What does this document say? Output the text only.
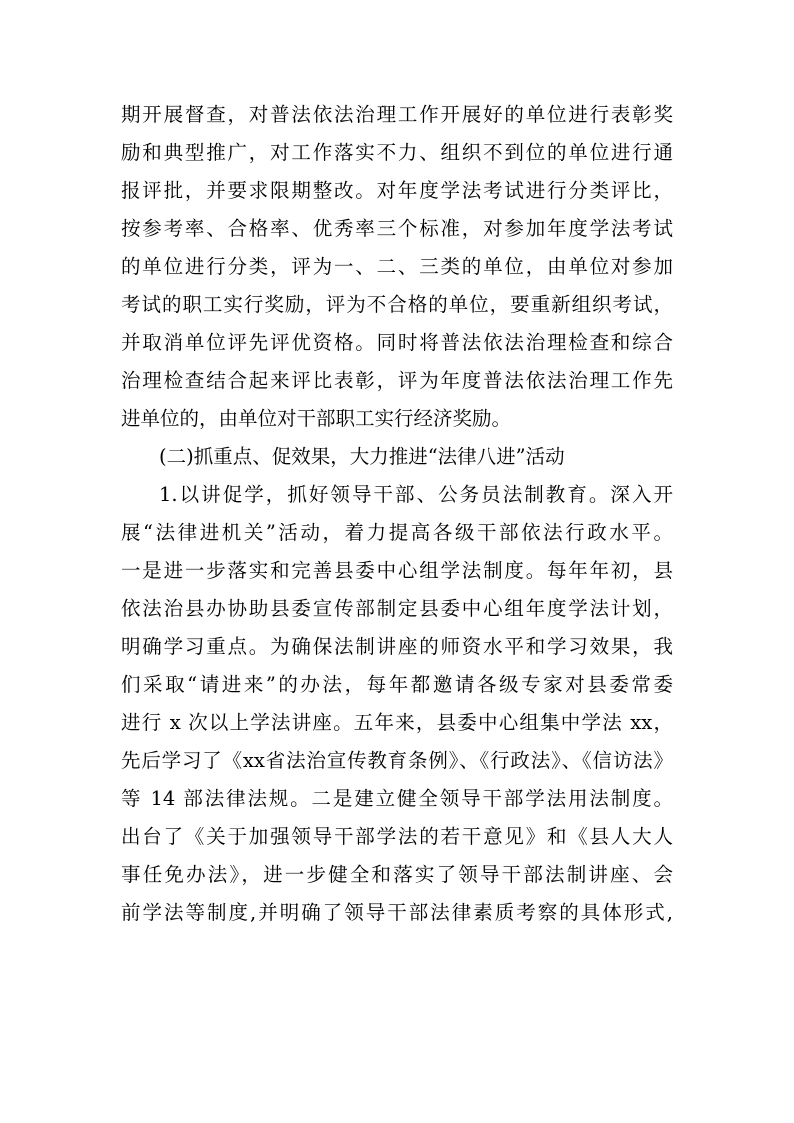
期开展督查，对普法依法治理工作开展好的单位进行表彰奖
励和典型推广，对工作落实不力、组织不到位的单位进行通
报评批，并要求限期整改。对年度学法考试进行分类评比，
按参考率、合格率、优秀率三个标准，对参加年度学法考试
的单位进行分类，评为一、二、三类的单位，由单位对参加
考试的职工实行奖励，评为不合格的单位，要重新组织考试，
并取消单位评先评优资格。同时将普法依法治理检查和综合
治理检查结合起来评比表彰，评为年度普法依法治理工作先
进单位的，由单位对干部职工实行经济奖励。
(二)抓重点、促效果，大力推进“法律八进”活动
1.以讲促学，抓好领导干部、公务员法制教育。深入开
展“法律进机关”活动，着力提高各级干部依法行政水平。
一是进一步落实和完善县委中心组学法制度。每年年初，县
依法治县办协助县委宣传部制定县委中心组年度学法计划，
明确学习重点。为确保法制讲座的师资水平和学习效果，我
们采取“请进来”的办法，每年都邀请各级专家对县委常委
进行 x 次以上学法讲座。五年来，县委中心组集中学法 xx，
先后学习了《xx省法治宣传教育条例》、《行政法》、《信访法》
等 14 部法律法规。二是建立健全领导干部学法用法制度。
出台了《关于加强领导干部学法的若干意见》和《县人大人
事任免办法》，进一步健全和落实了领导干部法制讲座、会
前学法等制度,并明确了领导干部法律素质考察的具体形式,
